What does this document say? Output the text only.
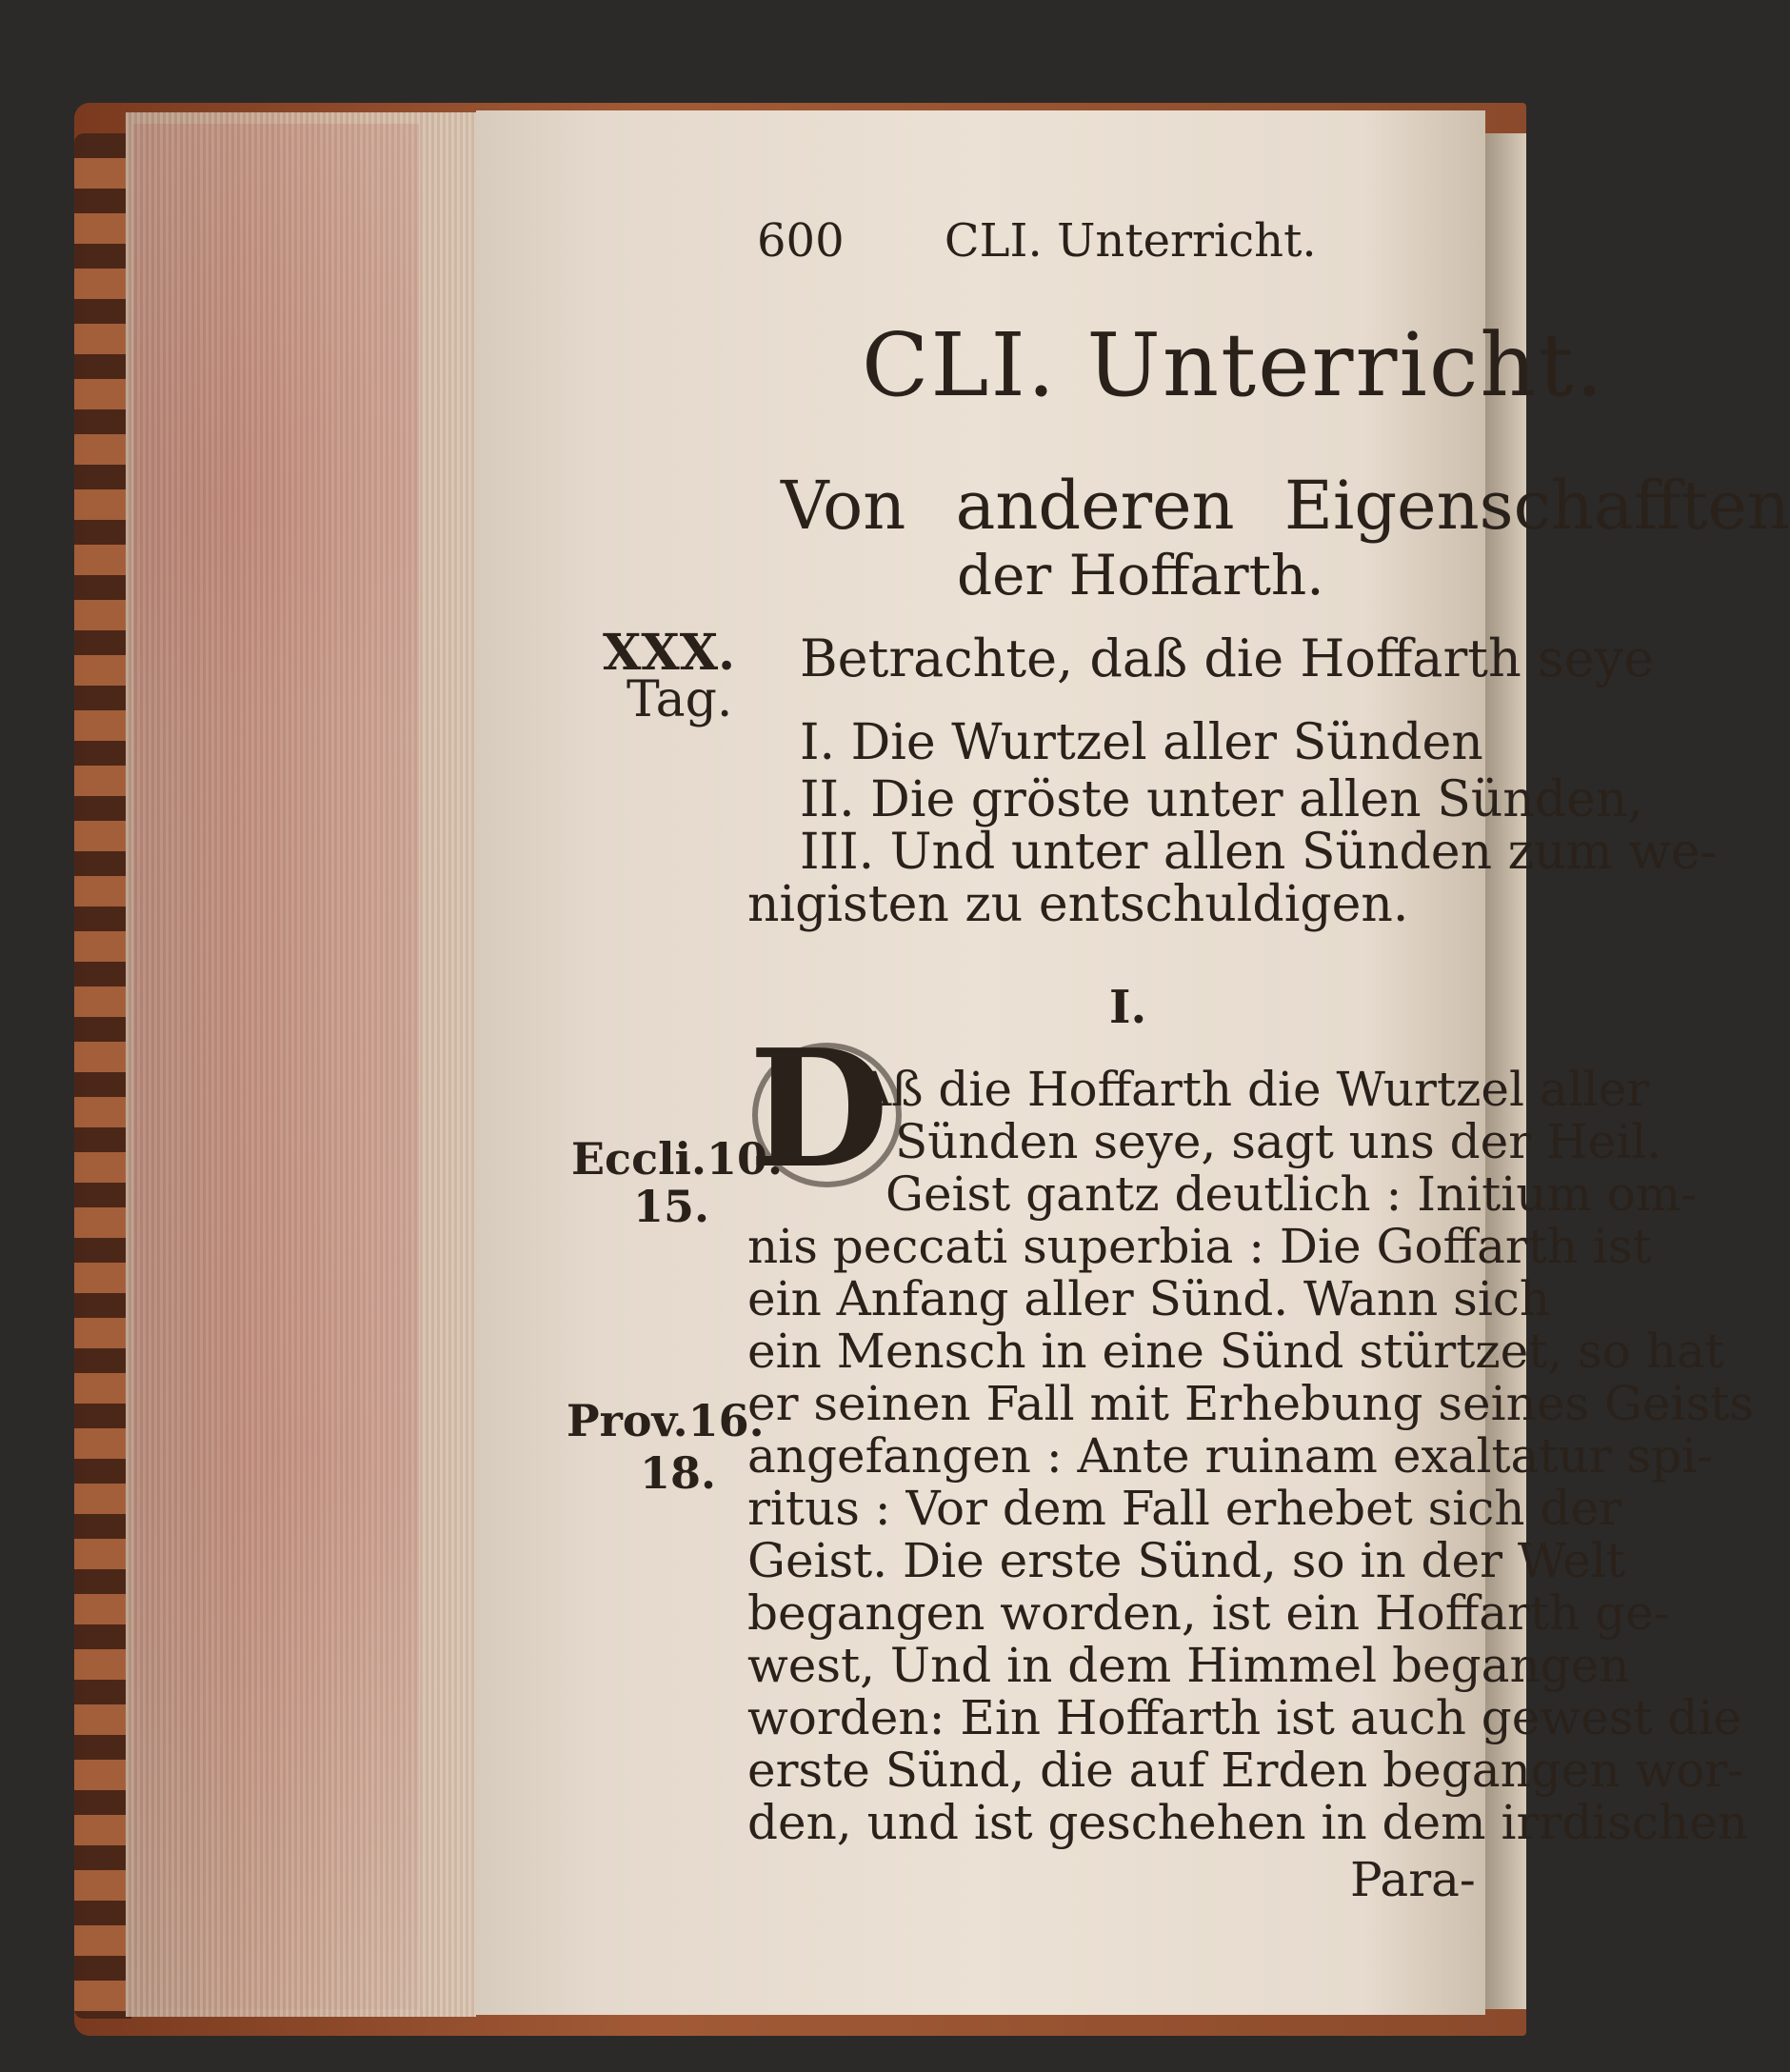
600 CLI. Unterricht.
CLI. Unterricht.
Von anderen Eigenschafften
der Hoffarth.
XXX.
Tag.
Betrachte, daß die Hoffarth seye
I. Die Wurtzel aller Sünden
II. Die gröste unter allen Sünden,
III. Und unter allen Sünden zum we-
nigisten zu entschuldigen.
I.
D
Aß die Hoffarth die Wurtzel aller
Sünden seye, sagt uns der Heil.
Geist gantz deutlich : Initium om-
nis peccati superbia : Die Goffarth ist
ein Anfang aller Sünd. Wann sich
ein Mensch in eine Sünd stürtzet, so hat
er seinen Fall mit Erhebung seines Geists
angefangen : Ante ruinam exaltatur spi-
ritus : Vor dem Fall erhebet sich der
Geist. Die erste Sünd, so in der Welt
begangen worden, ist ein Hoffarth ge-
west, Und in dem Himmel begangen
worden: Ein Hoffarth ist auch gewest die
erste Sünd, die auf Erden begangen wor-
den, und ist geschehen in dem irrdischen
Para-
Eccli.10.
15.
Prov.16.
18.
